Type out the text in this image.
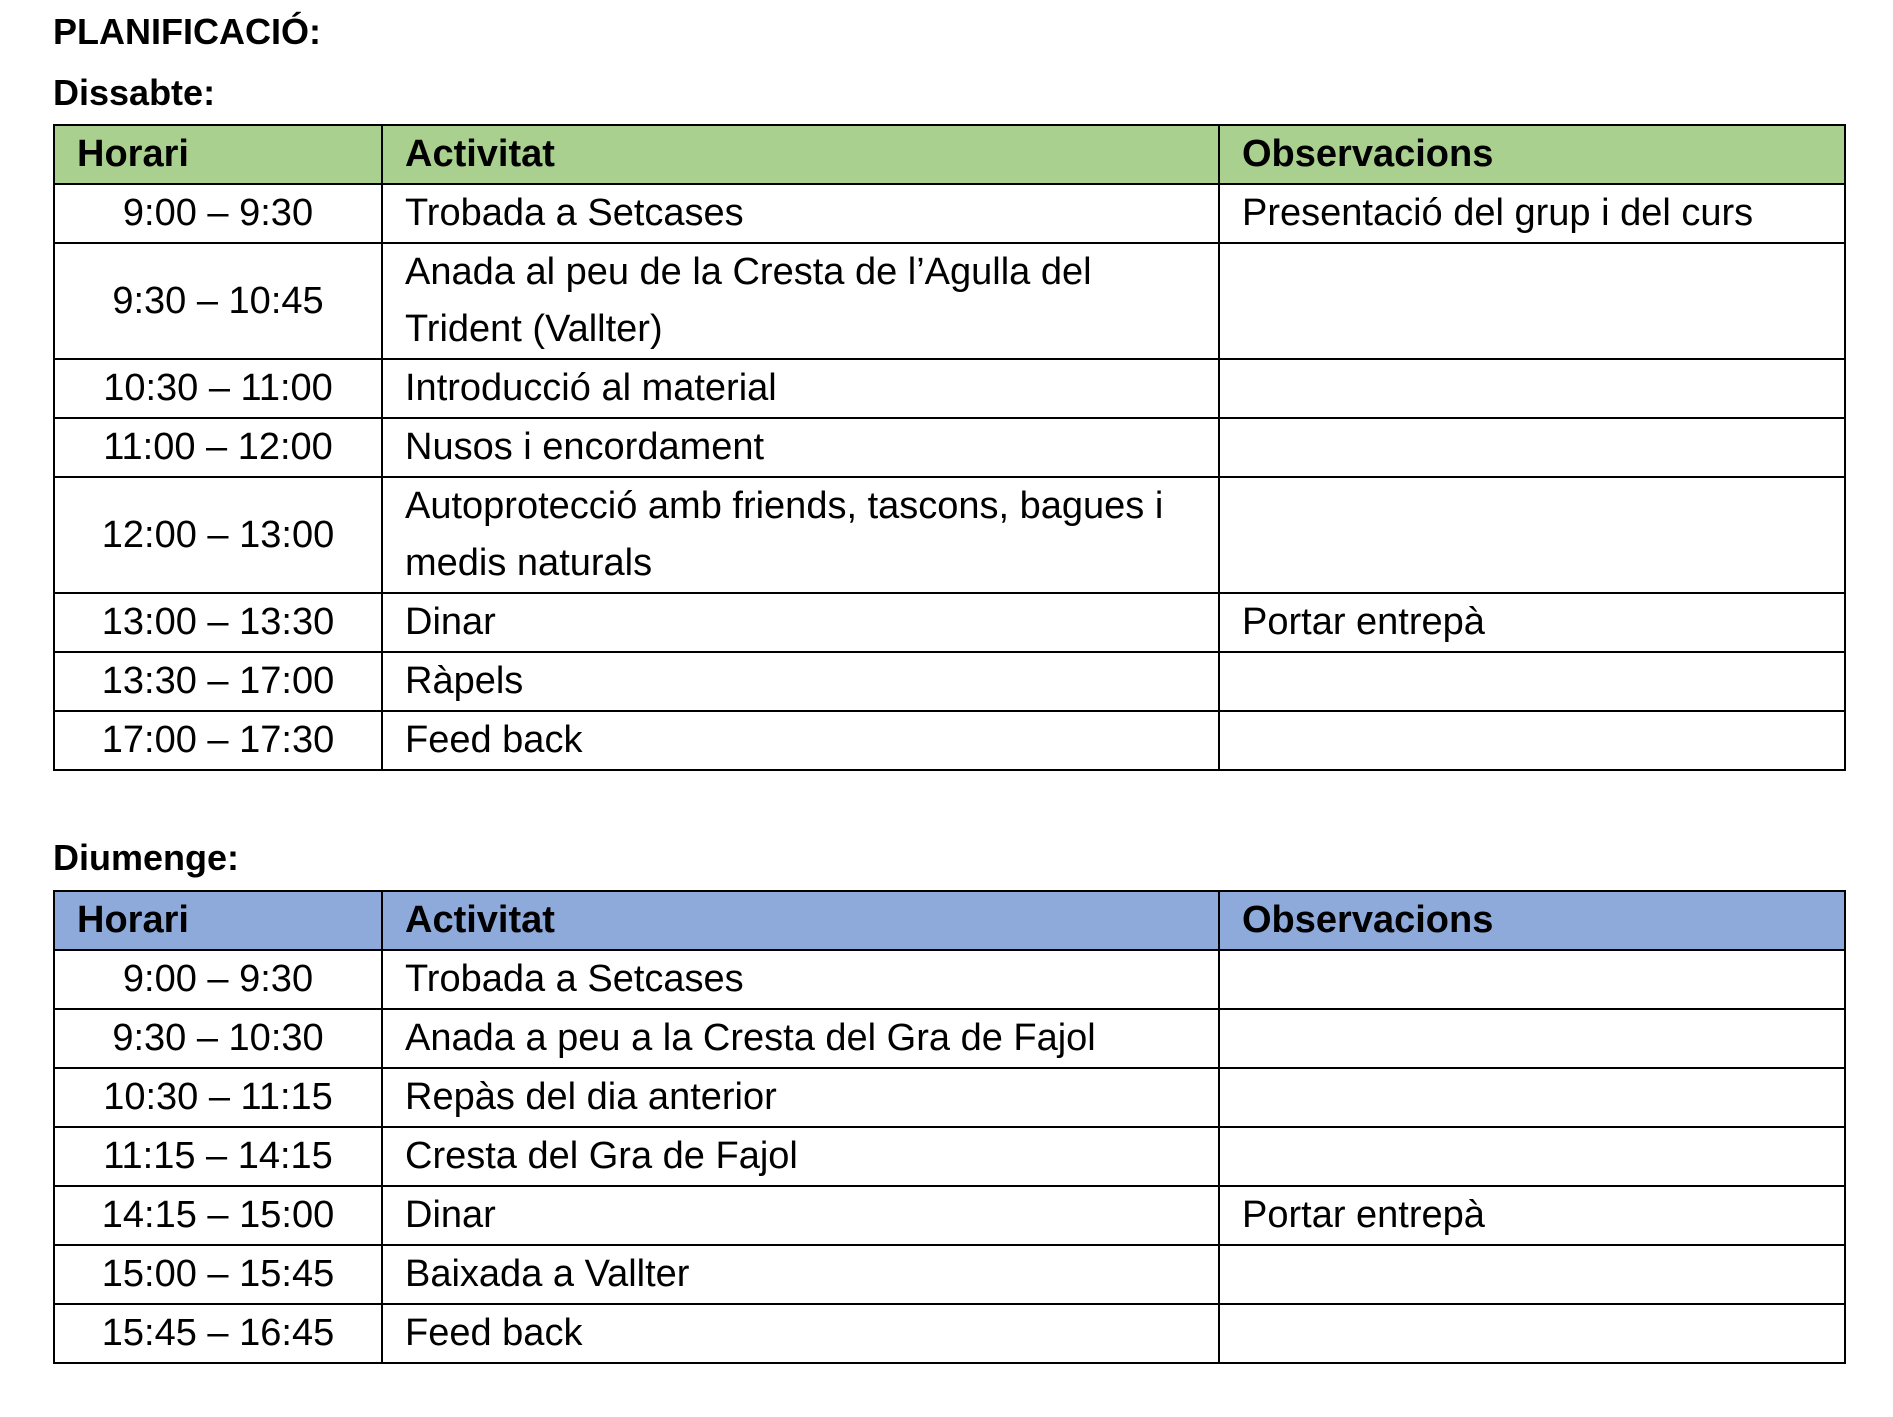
PLANIFICACIÓ:

Dissabte:

Horari	Activitat	Observacions
9:00 – 9:30	Trobada a Setcases	Presentació del grup i del curs
9:30 – 10:45	Anada al peu de la Cresta de l’Agulla del Trident (Vallter)	
10:30 – 11:00	Introducció al material	
11:00 – 12:00	Nusos i encordament	
12:00 – 13:00	Autoprotecció amb friends, tascons, bagues i medis naturals	
13:00 – 13:30	Dinar	Portar entrepà
13:30 – 17:00	Ràpels	
17:00 – 17:30	Feed back	

Diumenge:

Horari	Activitat	Observacions
9:00 – 9:30	Trobada a Setcases	
9:30 – 10:30	Anada a peu a la Cresta del Gra de Fajol	
10:30 – 11:15	Repàs del dia anterior	
11:15 – 14:15	Cresta del Gra de Fajol	
14:15 – 15:00	Dinar	Portar entrepà
15:00 – 15:45	Baixada a Vallter	
15:45 – 16:45	Feed back	
